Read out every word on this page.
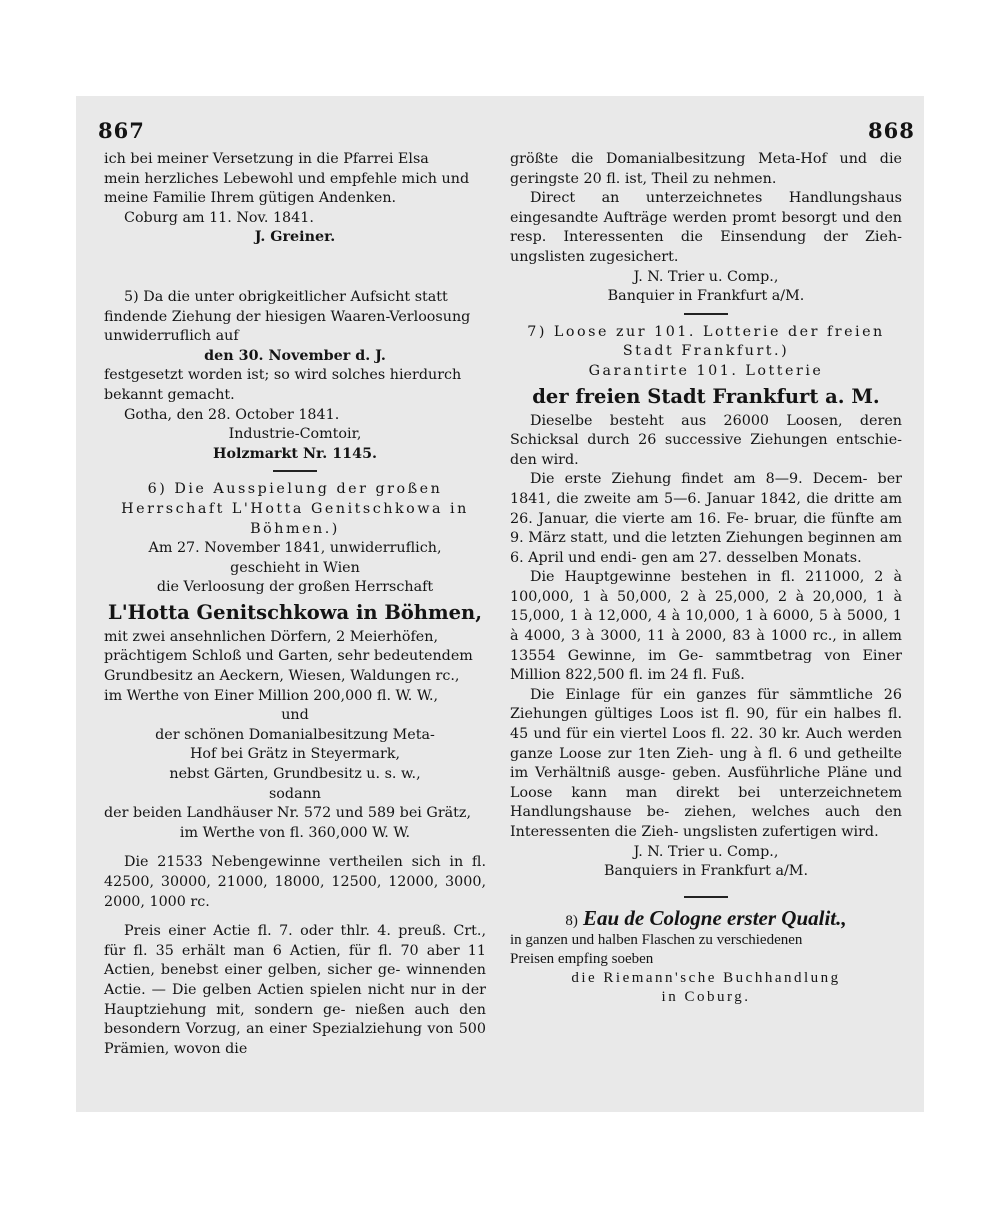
867	868

ich bei meiner Versetzung in die Pfarrei Elsa

mein herzliches Lebewohl und empfehle mich und

meine Familie Ihrem gütigen Andenken.

Coburg am 11. Nov. 1841.

J. Greiner.

5) Da die unter obrigkeitlicher Aufsicht statt

findende Ziehung der hiesigen Waaren-Verloosung

unwiderruflich auf

den 30. November d. J.

festgesetzt worden ist; so wird solches hierdurch

bekannt gemacht.

Gotha, den 28. October 1841.

Industrie-Comtoir,

Holzmarkt Nr. 1145.

6) Die Ausspielung der großen

Herrschaft L'Hotta Genitschkowa in

Böhmen.)

Am 27. November 1841, unwiderruflich,

geschieht in Wien

die Verloosung der großen Herrschaft

L'Hotta Genitschkowa in Böhmen,

mit zwei ansehnlichen Dörfern, 2 Meierhöfen,

prächtigem Schloß und Garten, sehr bedeutendem

Grundbesitz an Aeckern, Wiesen, Waldungen rc.,

im Werthe von Einer Million 200,000 fl. W. W.,

und

der schönen Domanialbesitzung Meta-

Hof bei Grätz in Steyermark,

nebst Gärten, Grundbesitz u. s. w.,

sodann

der beiden Landhäuser Nr. 572 und 589 bei Grätz,

im Werthe von fl. 360,000 W. W.

Die 21533 Nebengewinne vertheilen sich in fl. 42500, 30000, 21000, 18000, 12500, 12000, 3000, 2000, 1000 rc.

Preis einer Actie fl. 7. oder thlr. 4. preuß. Crt., für fl. 35 erhält man 6 Actien, für fl. 70 aber 11 Actien, benebst einer gelben, sicher ge- winnenden Actie. — Die gelben Actien spielen nicht nur in der Hauptziehung mit, sondern ge- nießen auch den besondern Vorzug, an einer Spezialziehung von 500 Prämien, wovon die

größte die Domanialbesitzung Meta-Hof und die geringste 20 fl. ist, Theil zu nehmen.

Direct an unterzeichnetes Handlungshaus eingesandte Aufträge werden promt besorgt und den resp. Interessenten die Einsendung der Zieh- ungslisten zugesichert.

J. N. Trier u. Comp.,

Banquier in Frankfurt a/M.

7) Loose zur 101. Lotterie der freien

Stadt Frankfurt.)

Garantirte 101. Lotterie

der freien Stadt Frankfurt a. M.

Dieselbe besteht aus 26000 Loosen, deren Schicksal durch 26 successive Ziehungen entschie- den wird.

Die erste Ziehung findet am 8—9. Decem- ber 1841, die zweite am 5—6. Januar 1842, die dritte am 26. Januar, die vierte am 16. Fe- bruar, die fünfte am 9. März statt, und die letzten Ziehungen beginnen am 6. April und endi- gen am 27. desselben Monats.

Die Hauptgewinne bestehen in fl. 211000, 2 à 100,000, 1 à 50,000, 2 à 25,000, 2 à 20,000, 1 à 15,000, 1 à 12,000, 4 à 10,000, 1 à 6000, 5 à 5000, 1 à 4000, 3 à 3000, 11 à 2000, 83 à 1000 rc., in allem 13554 Gewinne, im Ge- sammtbetrag von Einer Million 822,500 fl. im 24 fl. Fuß.

Die Einlage für ein ganzes für sämmtliche 26 Ziehungen gültiges Loos ist fl. 90, für ein halbes fl. 45 und für ein viertel Loos fl. 22. 30 kr. Auch werden ganze Loose zur 1ten Zieh- ung à fl. 6 und getheilte im Verhältniß ausge- geben. Ausführliche Pläne und Loose kann man direkt bei unterzeichnetem Handlungshause be- ziehen, welches auch den Interessenten die Zieh- ungslisten zufertigen wird.

J. N. Trier u. Comp.,

Banquiers in Frankfurt a/M.

8) Eau de Cologne erster Qualit.,

in ganzen und halben Flaschen zu verschiedenen

Preisen empfing soeben

die Riemann'sche Buchhandlung

in Coburg.
